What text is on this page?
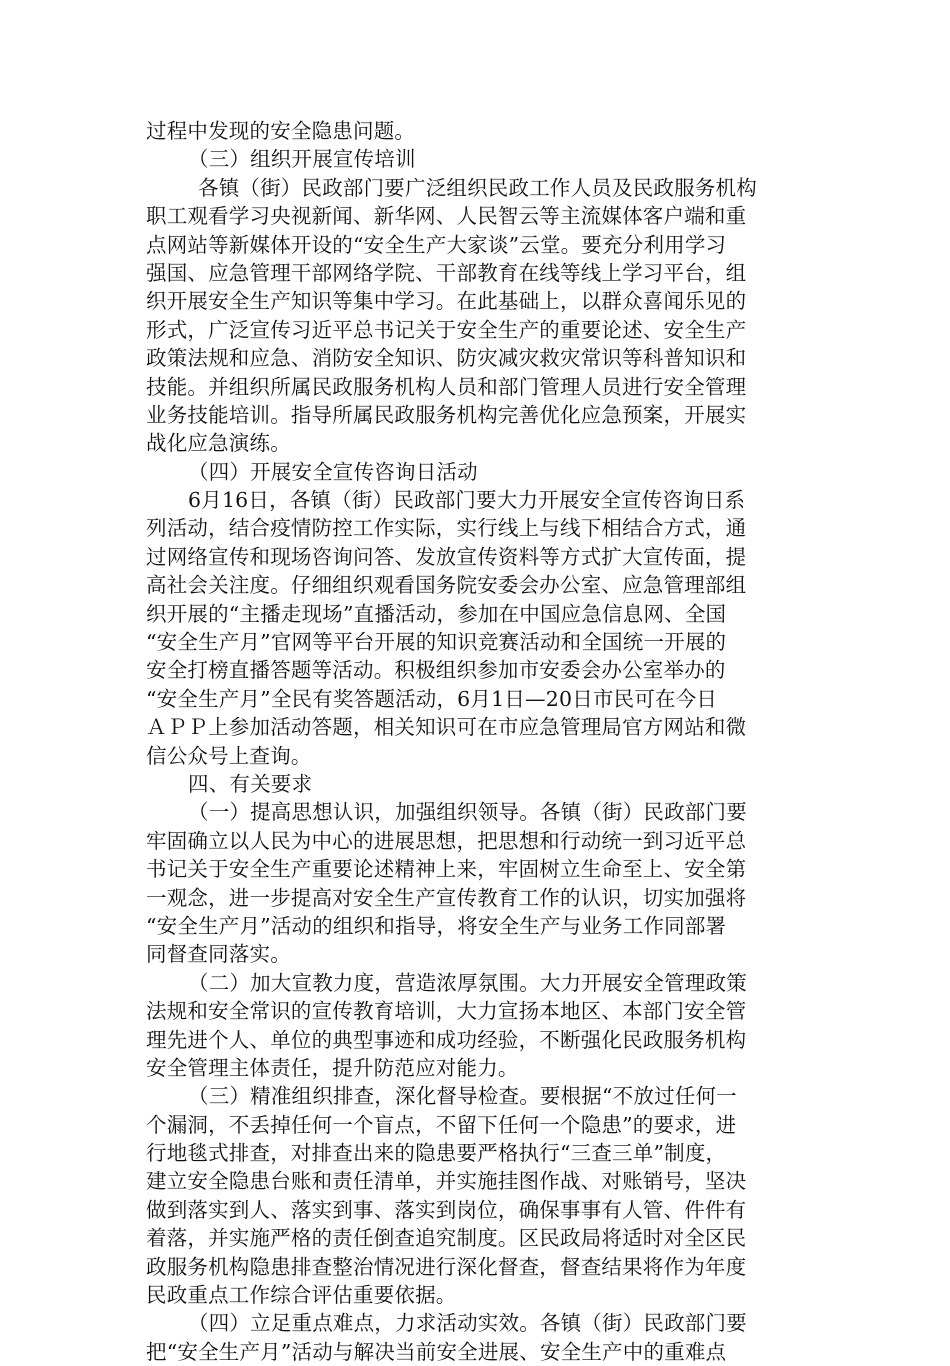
过程中发现的安全隐患问题。
（三）组织开展宣传培训
各镇（街）民政部门要广泛组织民政工作人员及民政服务机构
职工观看学习央视新闻、新华网、人民智云等主流媒体客户端和重
点网站等新媒体开设的“安全生产大家谈”云堂。要充分利用学习
强国、应急管理干部网络学院、干部教育在线等线上学习平台，组
织开展安全生产知识等集中学习。在此基础上，以群众喜闻乐见的
形式，广泛宣传习近平总书记关于安全生产的重要论述、安全生产
政策法规和应急、消防安全知识、防灾减灾救灾常识等科普知识和
技能。并组织所属民政服务机构人员和部门管理人员进行安全管理
业务技能培训。指导所属民政服务机构完善优化应急预案，开展实
战化应急演练。
（四）开展安全宣传咨询日活动
6月16日，各镇（街）民政部门要大力开展安全宣传咨询日系
列活动，结合疫情防控工作实际，实行线上与线下相结合方式，通
过网络宣传和现场咨询问答、发放宣传资料等方式扩大宣传面，提
高社会关注度。仔细组织观看国务院安委会办公室、应急管理部组
织开展的“主播走现场”直播活动，参加在中国应急信息网、全国
“安全生产月”官网等平台开展的知识竞赛活动和全国统一开展的
安全打榜直播答题等活动。积极组织参加市安委会办公室举办的
“安全生产月”全民有奖答题活动，6月1日—20日市民可在今日
ＡＰＰ上参加活动答题，相关知识可在市应急管理局官方网站和微
信公众号上查询。
四、有关要求
（一）提高思想认识，加强组织领导。各镇（街）民政部门要
牢固确立以人民为中心的进展思想，把思想和行动统一到习近平总
书记关于安全生产重要论述精神上来，牢固树立生命至上、安全第
一观念，进一步提高对安全生产宣传教育工作的认识，切实加强将
“安全生产月”活动的组织和指导，将安全生产与业务工作同部署
同督查同落实。
（二）加大宣教力度，营造浓厚氛围。大力开展安全管理政策
法规和安全常识的宣传教育培训，大力宣扬本地区、本部门安全管
理先进个人、单位的典型事迹和成功经验，不断强化民政服务机构
安全管理主体责任，提升防范应对能力。
（三）精准组织排查，深化督导检查。要根据“不放过任何一
个漏洞，不丢掉任何一个盲点，不留下任何一个隐患”的要求，进
行地毯式排查，对排查出来的隐患要严格执行“三查三单”制度，
建立安全隐患台账和责任清单，并实施挂图作战、对账销号，坚决
做到落实到人、落实到事、落实到岗位，确保事事有人管、件件有
着落，并实施严格的责任倒查追究制度。区民政局将适时对全区民
政服务机构隐患排查整治情况进行深化督查，督查结果将作为年度
民政重点工作综合评估重要依据。
（四）立足重点难点，力求活动实效。各镇（街）民政部门要
把“安全生产月”活动与解决当前安全进展、安全生产中的重难点
